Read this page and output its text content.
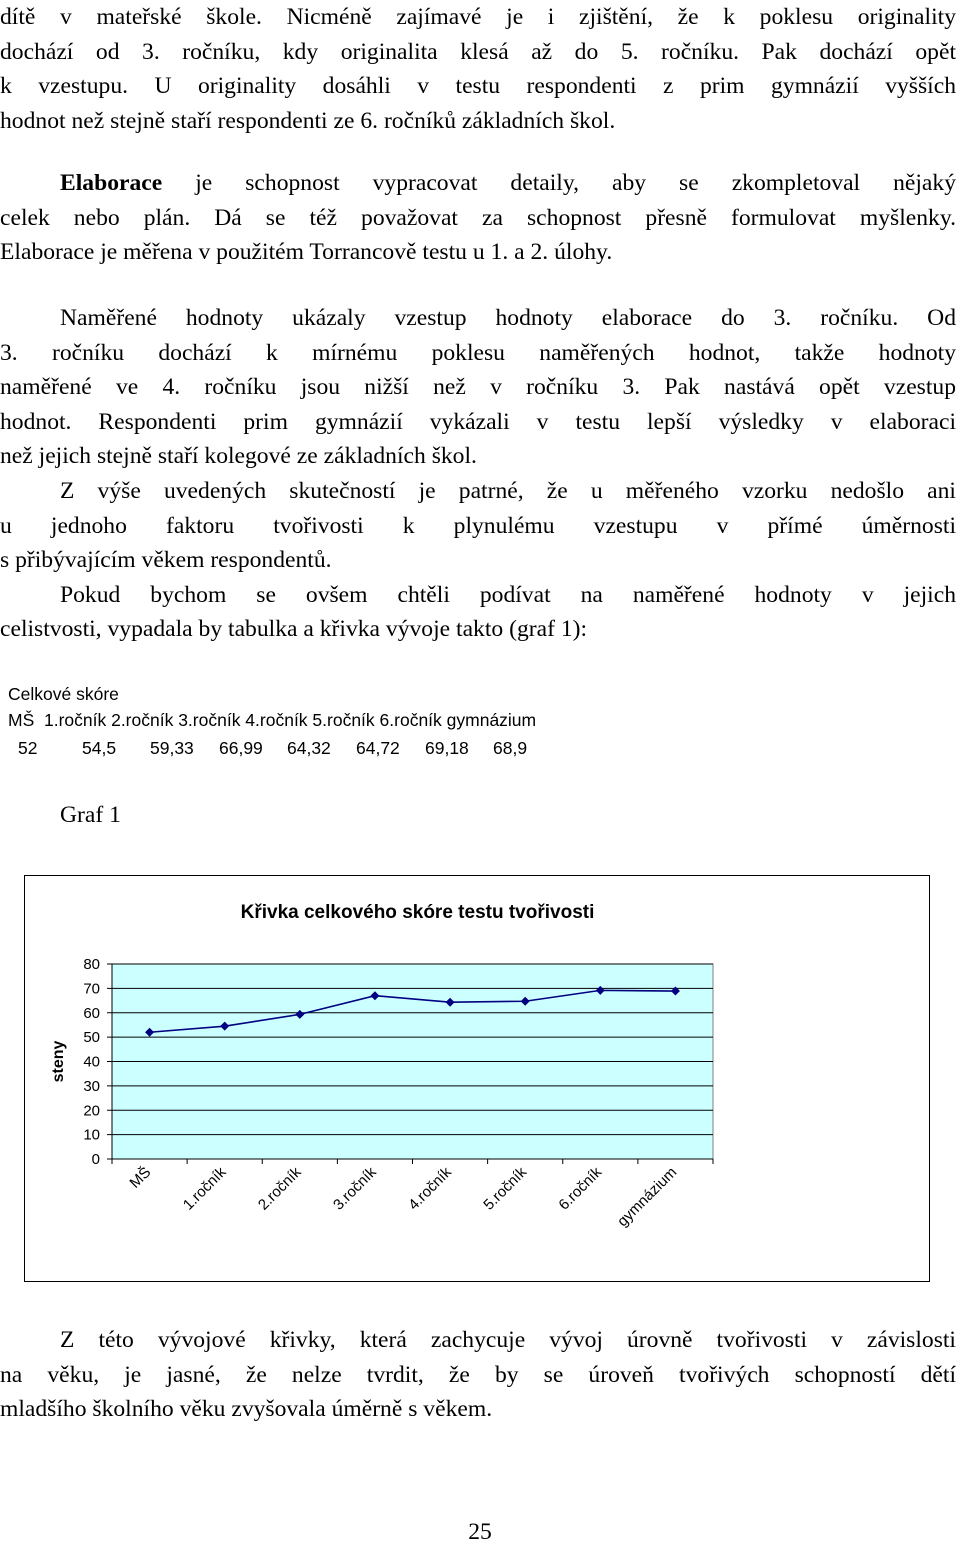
dítě v mateřské škole. Nicméně zajímavé je i zjištění, že k poklesu originality

dochází od 3. ročníku, kdy originalita klesá až do 5. ročníku. Pak dochází opět

k vzestupu. U originality dosáhli v testu respondenti z prim gymnázií vyšších

hodnot než stejně staří respondenti ze 6. ročníků základních škol.

Elaborace je schopnost vypracovat detaily, aby se zkompletoval nějaký

celek nebo plán. Dá se též považovat za schopnost přesně formulovat myšlenky.

Elaborace je měřena v použitém Torrancově testu u 1. a 2. úlohy.

Naměřené hodnoty ukázaly vzestup hodnoty elaborace do 3. ročníku. Od

3. ročníku dochází k mírnému poklesu naměřených hodnot, takže hodnoty

naměřené ve 4. ročníku jsou nižší než v ročníku 3. Pak nastává opět vzestup

hodnot. Respondenti prim gymnázií vykázali v testu lepší výsledky v elaboraci

než jejich stejně staří kolegové ze základních škol.

Z výše uvedených skutečností je patrné, že u měřeného vzorku nedošlo ani

u jednoho faktoru tvořivosti k plynulému vzestupu v přímé úměrnosti

s přibývajícím věkem respondentů.

Pokud bychom se ovšem chtěli podívat na naměřené hodnoty v jejich

celistvosti, vypadala by tabulka a křivka vývoje takto (graf 1):

Celkové skóre
MŠ  1.ročník 2.ročník 3.ročník 4.ročník 5.ročník 6.ročník gymnázium
52	54,5 59,33 66,99 64,32 64,72 69,18 68,9
Graf 1
Křivka celkového skóre testu tvořivosti
0
10
20
30
40
50
60
70
80
MŠ 1.ročník 2.ročník 3.ročník 4.ročník 5.ročník 6.ročník gymnázium
steny

Z této vývojové křivky, která zachycuje vývoj úrovně tvořivosti v závislosti

na věku, je jasné, že nelze tvrdit, že by se úroveň tvořivých schopností dětí

mladšího školního věku zvyšovala úměrně s věkem.

25
